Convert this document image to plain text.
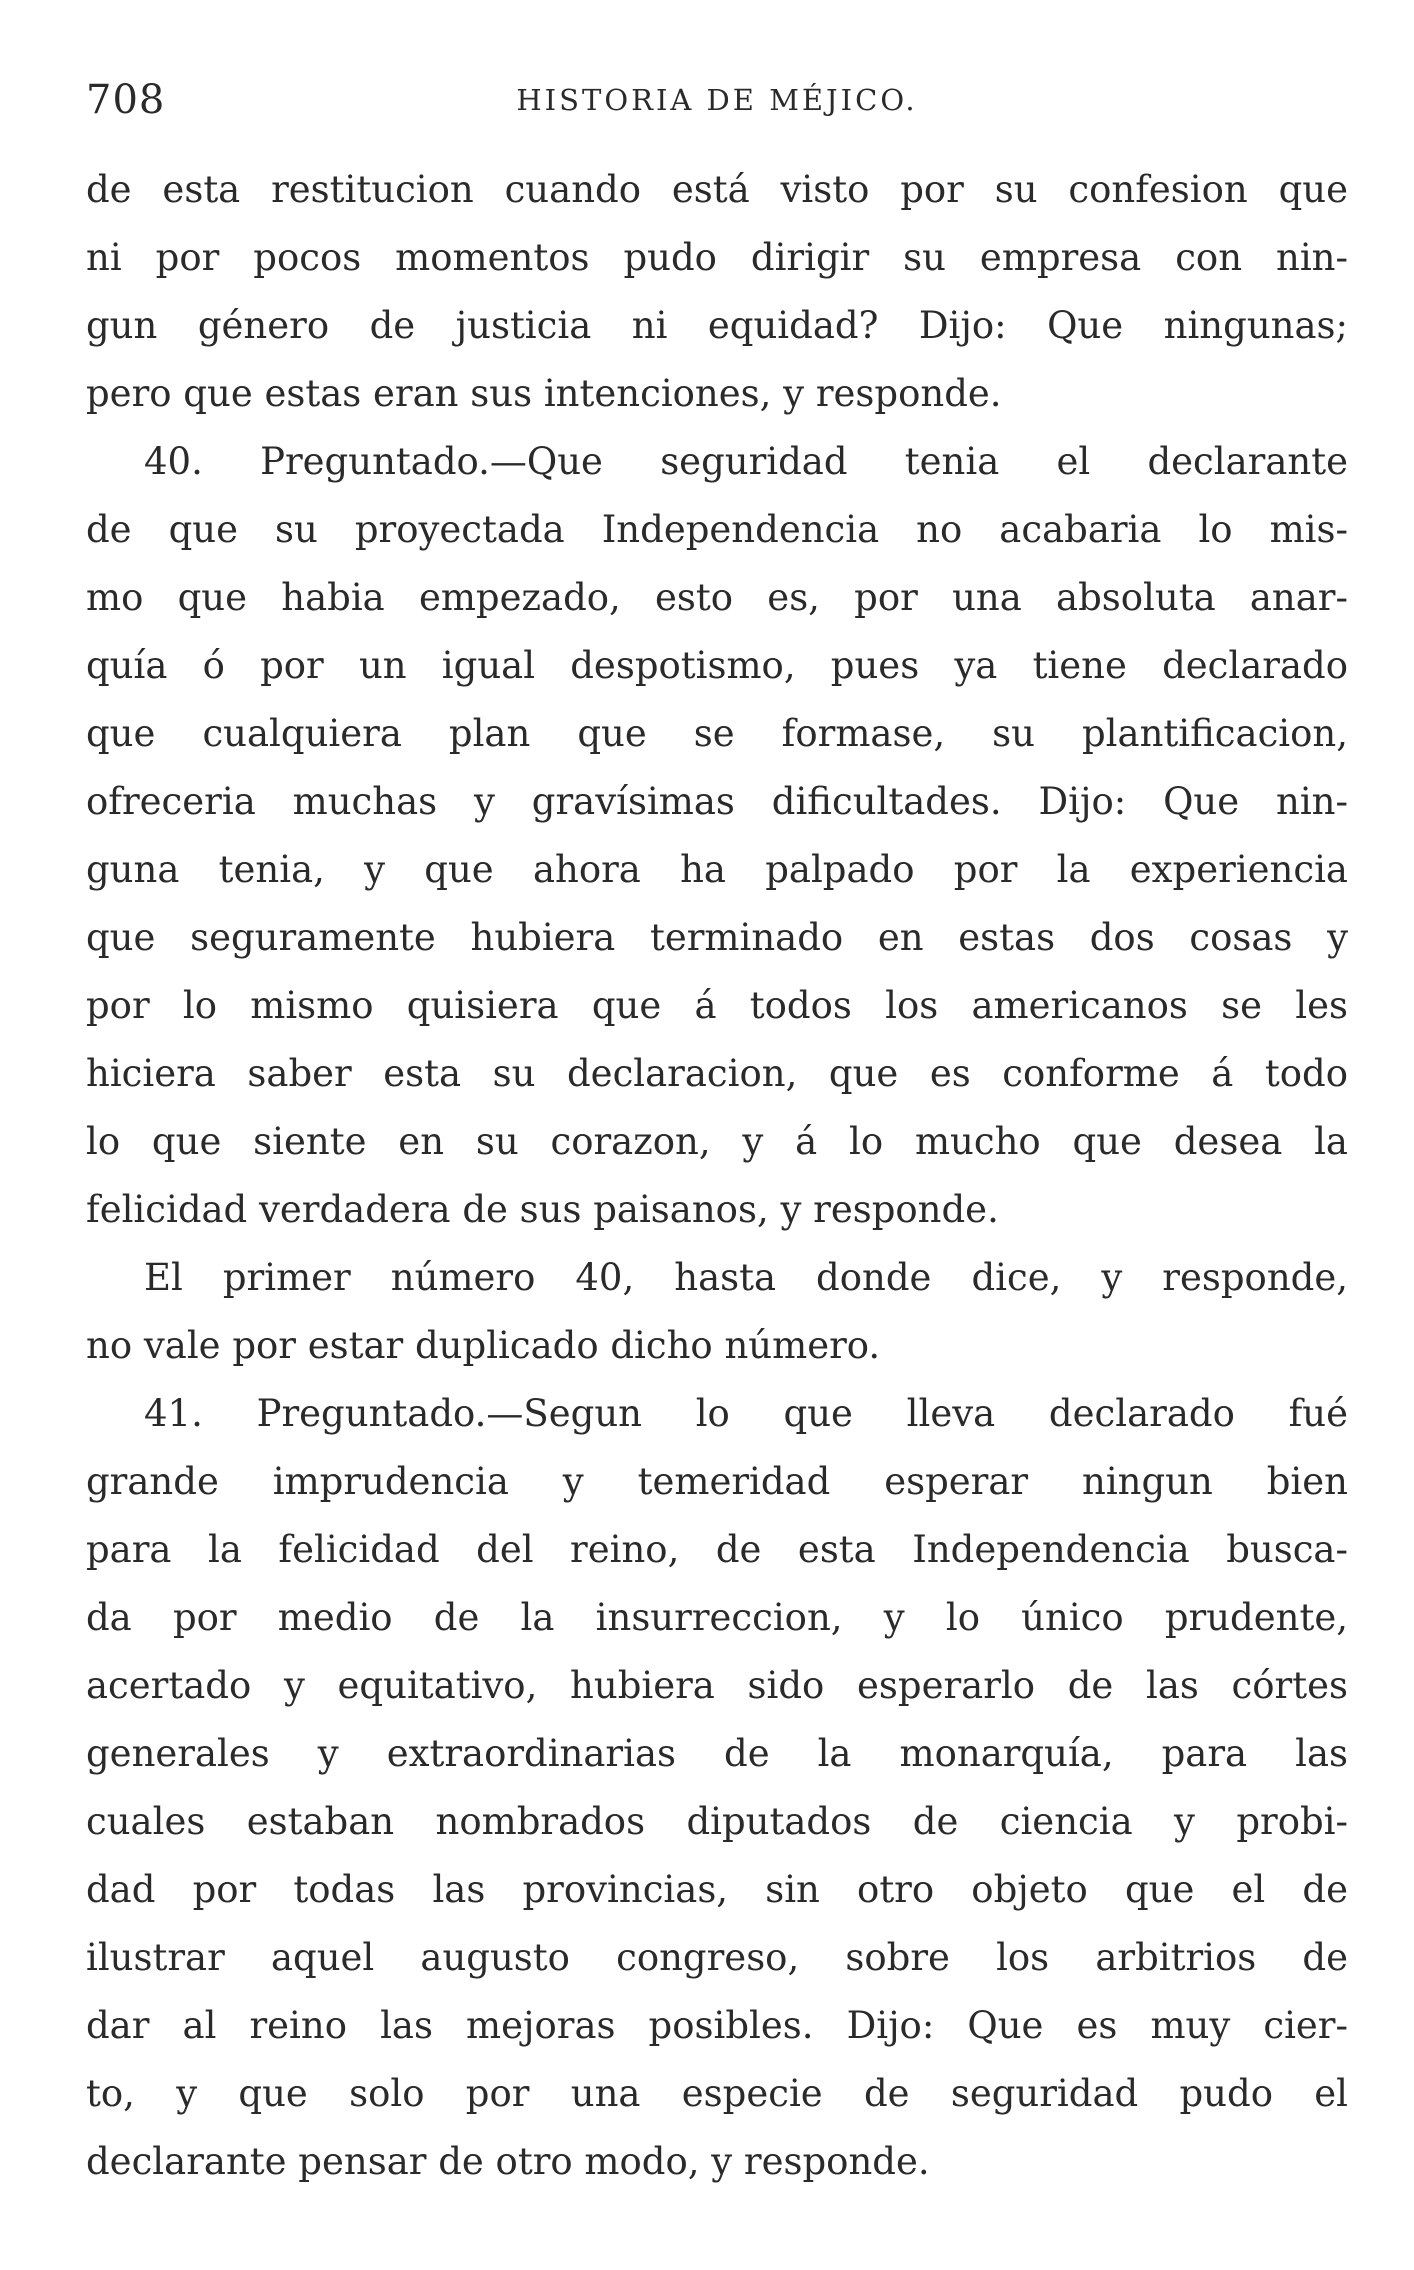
708	HISTORIA DE MÉJICO.
de esta restitucion cuando está visto por su confesion que
ni por pocos momentos pudo dirigir su empresa con nin-
gun género de justicia ni equidad? Dijo: Que ningunas;
pero que estas eran sus intenciones, y responde.
40. Preguntado.—Que seguridad tenia el declarante
de que su proyectada Independencia no acabaria lo mis-
mo que habia empezado, esto es, por una absoluta anar-
quía ó por un igual despotismo, pues ya tiene declarado
que cualquiera plan que se formase, su plantificacion,
ofreceria muchas y gravísimas dificultades. Dijo: Que nin-
guna tenia, y que ahora ha palpado por la experiencia
que seguramente hubiera terminado en estas dos cosas y
por lo mismo quisiera que á todos los americanos se les
hiciera saber esta su declaracion, que es conforme á todo
lo que siente en su corazon, y á lo mucho que desea la
felicidad verdadera de sus paisanos, y responde.
El primer número 40, hasta donde dice, y responde,
no vale por estar duplicado dicho número.
41. Preguntado.—Segun lo que lleva declarado fué
grande imprudencia y temeridad esperar ningun bien
para la felicidad del reino, de esta Independencia busca-
da por medio de la insurreccion, y lo único prudente,
acertado y equitativo, hubiera sido esperarlo de las córtes
generales y extraordinarias de la monarquía, para las
cuales estaban nombrados diputados de ciencia y probi-
dad por todas las provincias, sin otro objeto que el de
ilustrar aquel augusto congreso, sobre los arbitrios de
dar al reino las mejoras posibles. Dijo: Que es muy cier-
to, y que solo por una especie de seguridad pudo el
declarante pensar de otro modo, y responde.
